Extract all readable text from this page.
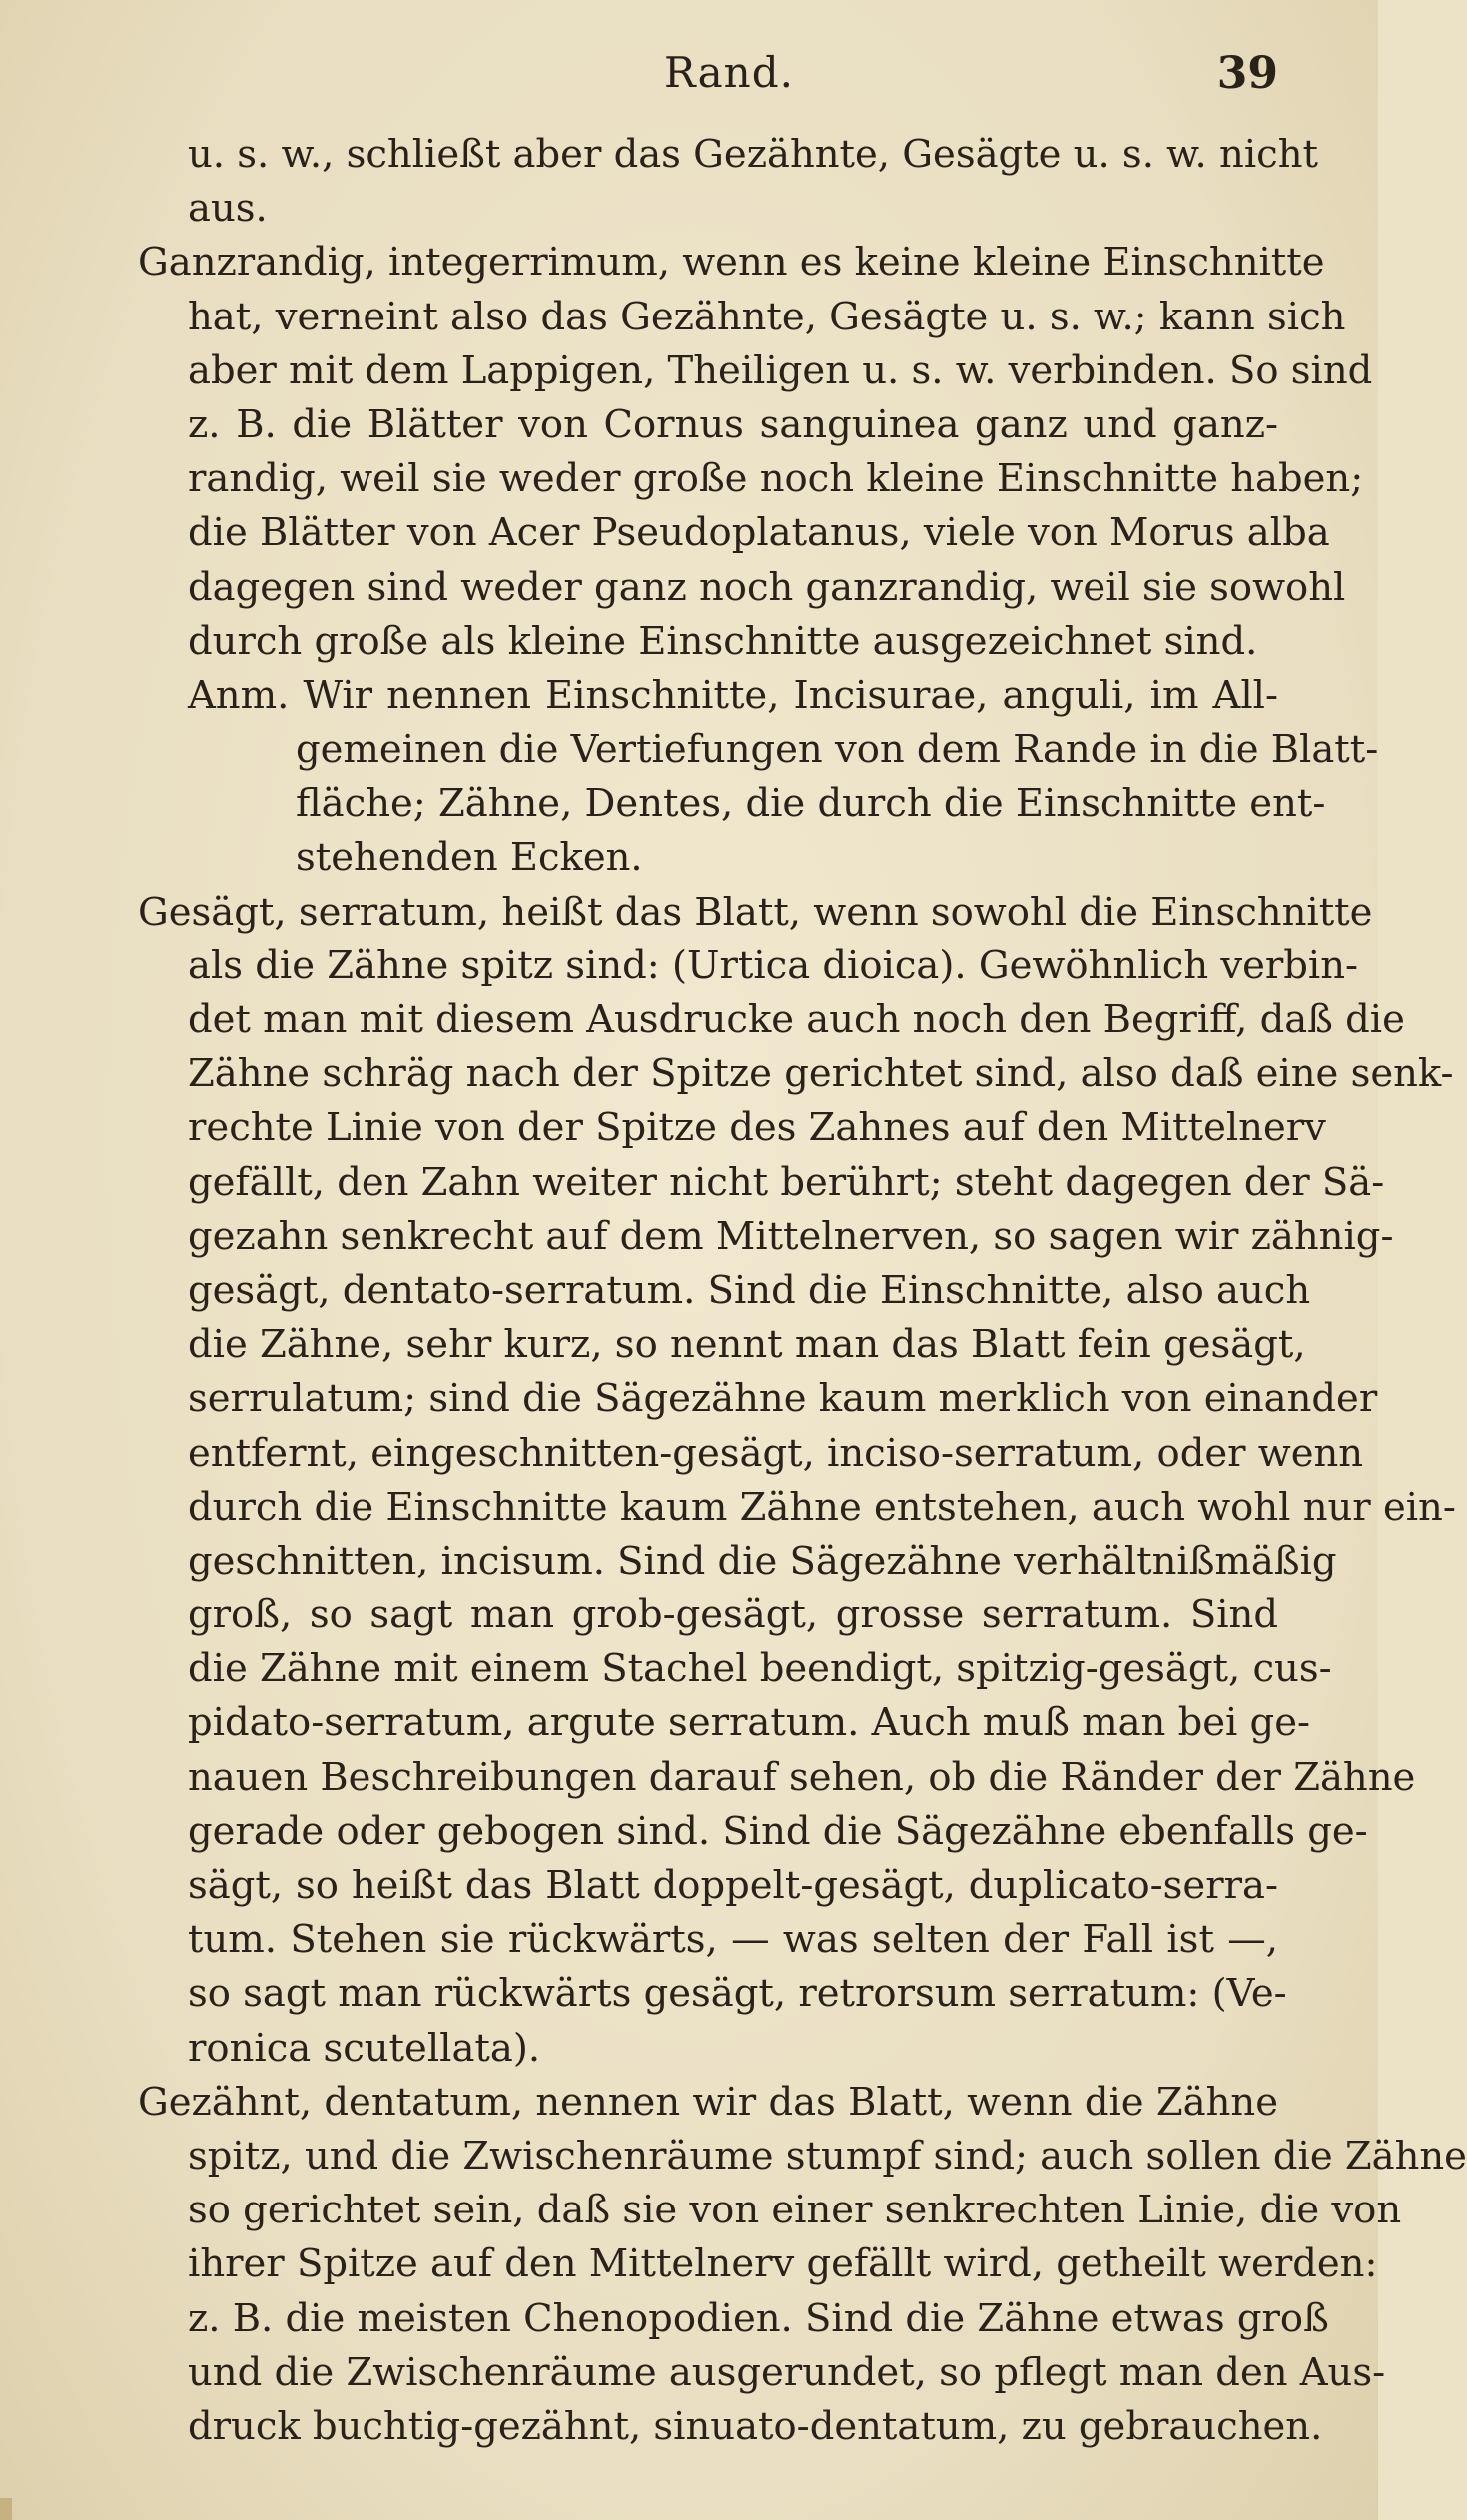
Rand.	39
u. s. w., schließt aber das Gezähnte, Gesägte u. s. w. nicht
aus.
Ganzrandig, integerrimum, wenn es keine kleine Einschnitte
hat, verneint also das Gezähnte, Gesägte u. s. w.; kann sich
aber mit dem Lappigen, Theiligen u. s. w. verbinden. So sind
z. B. die Blätter von Cornus sanguinea ganz und ganz-
randig, weil sie weder große noch kleine Einschnitte haben;
die Blätter von Acer Pseudoplatanus, viele von Morus alba
dagegen sind weder ganz noch ganzrandig, weil sie sowohl
durch große als kleine Einschnitte ausgezeichnet sind.
Anm. Wir nennen Einschnitte, Incisurae, anguli, im All-
gemeinen die Vertiefungen von dem Rande in die Blatt-
fläche; Zähne, Dentes, die durch die Einschnitte ent-
stehenden Ecken.
Gesägt, serratum, heißt das Blatt, wenn sowohl die Einschnitte
als die Zähne spitz sind: (Urtica dioica). Gewöhnlich verbin-
det man mit diesem Ausdrucke auch noch den Begriff, daß die
Zähne schräg nach der Spitze gerichtet sind, also daß eine senk-
rechte Linie von der Spitze des Zahnes auf den Mittelnerv
gefällt, den Zahn weiter nicht berührt; steht dagegen der Sä-
gezahn senkrecht auf dem Mittelnerven, so sagen wir zähnig-
gesägt, dentato-serratum. Sind die Einschnitte, also auch
die Zähne, sehr kurz, so nennt man das Blatt fein gesägt,
serrulatum; sind die Sägezähne kaum merklich von einander
entfernt, eingeschnitten-gesägt, inciso-serratum, oder wenn
durch die Einschnitte kaum Zähne entstehen, auch wohl nur ein-
geschnitten, incisum. Sind die Sägezähne verhältnißmäßig
groß, so sagt man grob-gesägt, grosse serratum. Sind
die Zähne mit einem Stachel beendigt, spitzig-gesägt, cus-
pidato-serratum, argute serratum. Auch muß man bei ge-
nauen Beschreibungen darauf sehen, ob die Ränder der Zähne
gerade oder gebogen sind. Sind die Sägezähne ebenfalls ge-
sägt, so heißt das Blatt doppelt-gesägt, duplicato-serra-
tum. Stehen sie rückwärts, — was selten der Fall ist —,
so sagt man rückwärts gesägt, retrorsum serratum: (Ve-
ronica scutellata).
Gezähnt, dentatum, nennen wir das Blatt, wenn die Zähne
spitz, und die Zwischenräume stumpf sind; auch sollen die Zähne
so gerichtet sein, daß sie von einer senkrechten Linie, die von
ihrer Spitze auf den Mittelnerv gefällt wird, getheilt werden:
z. B. die meisten Chenopodien. Sind die Zähne etwas groß
und die Zwischenräume ausgerundet, so pflegt man den Aus-
druck buchtig-gezähnt, sinuato-dentatum, zu gebrauchen.
